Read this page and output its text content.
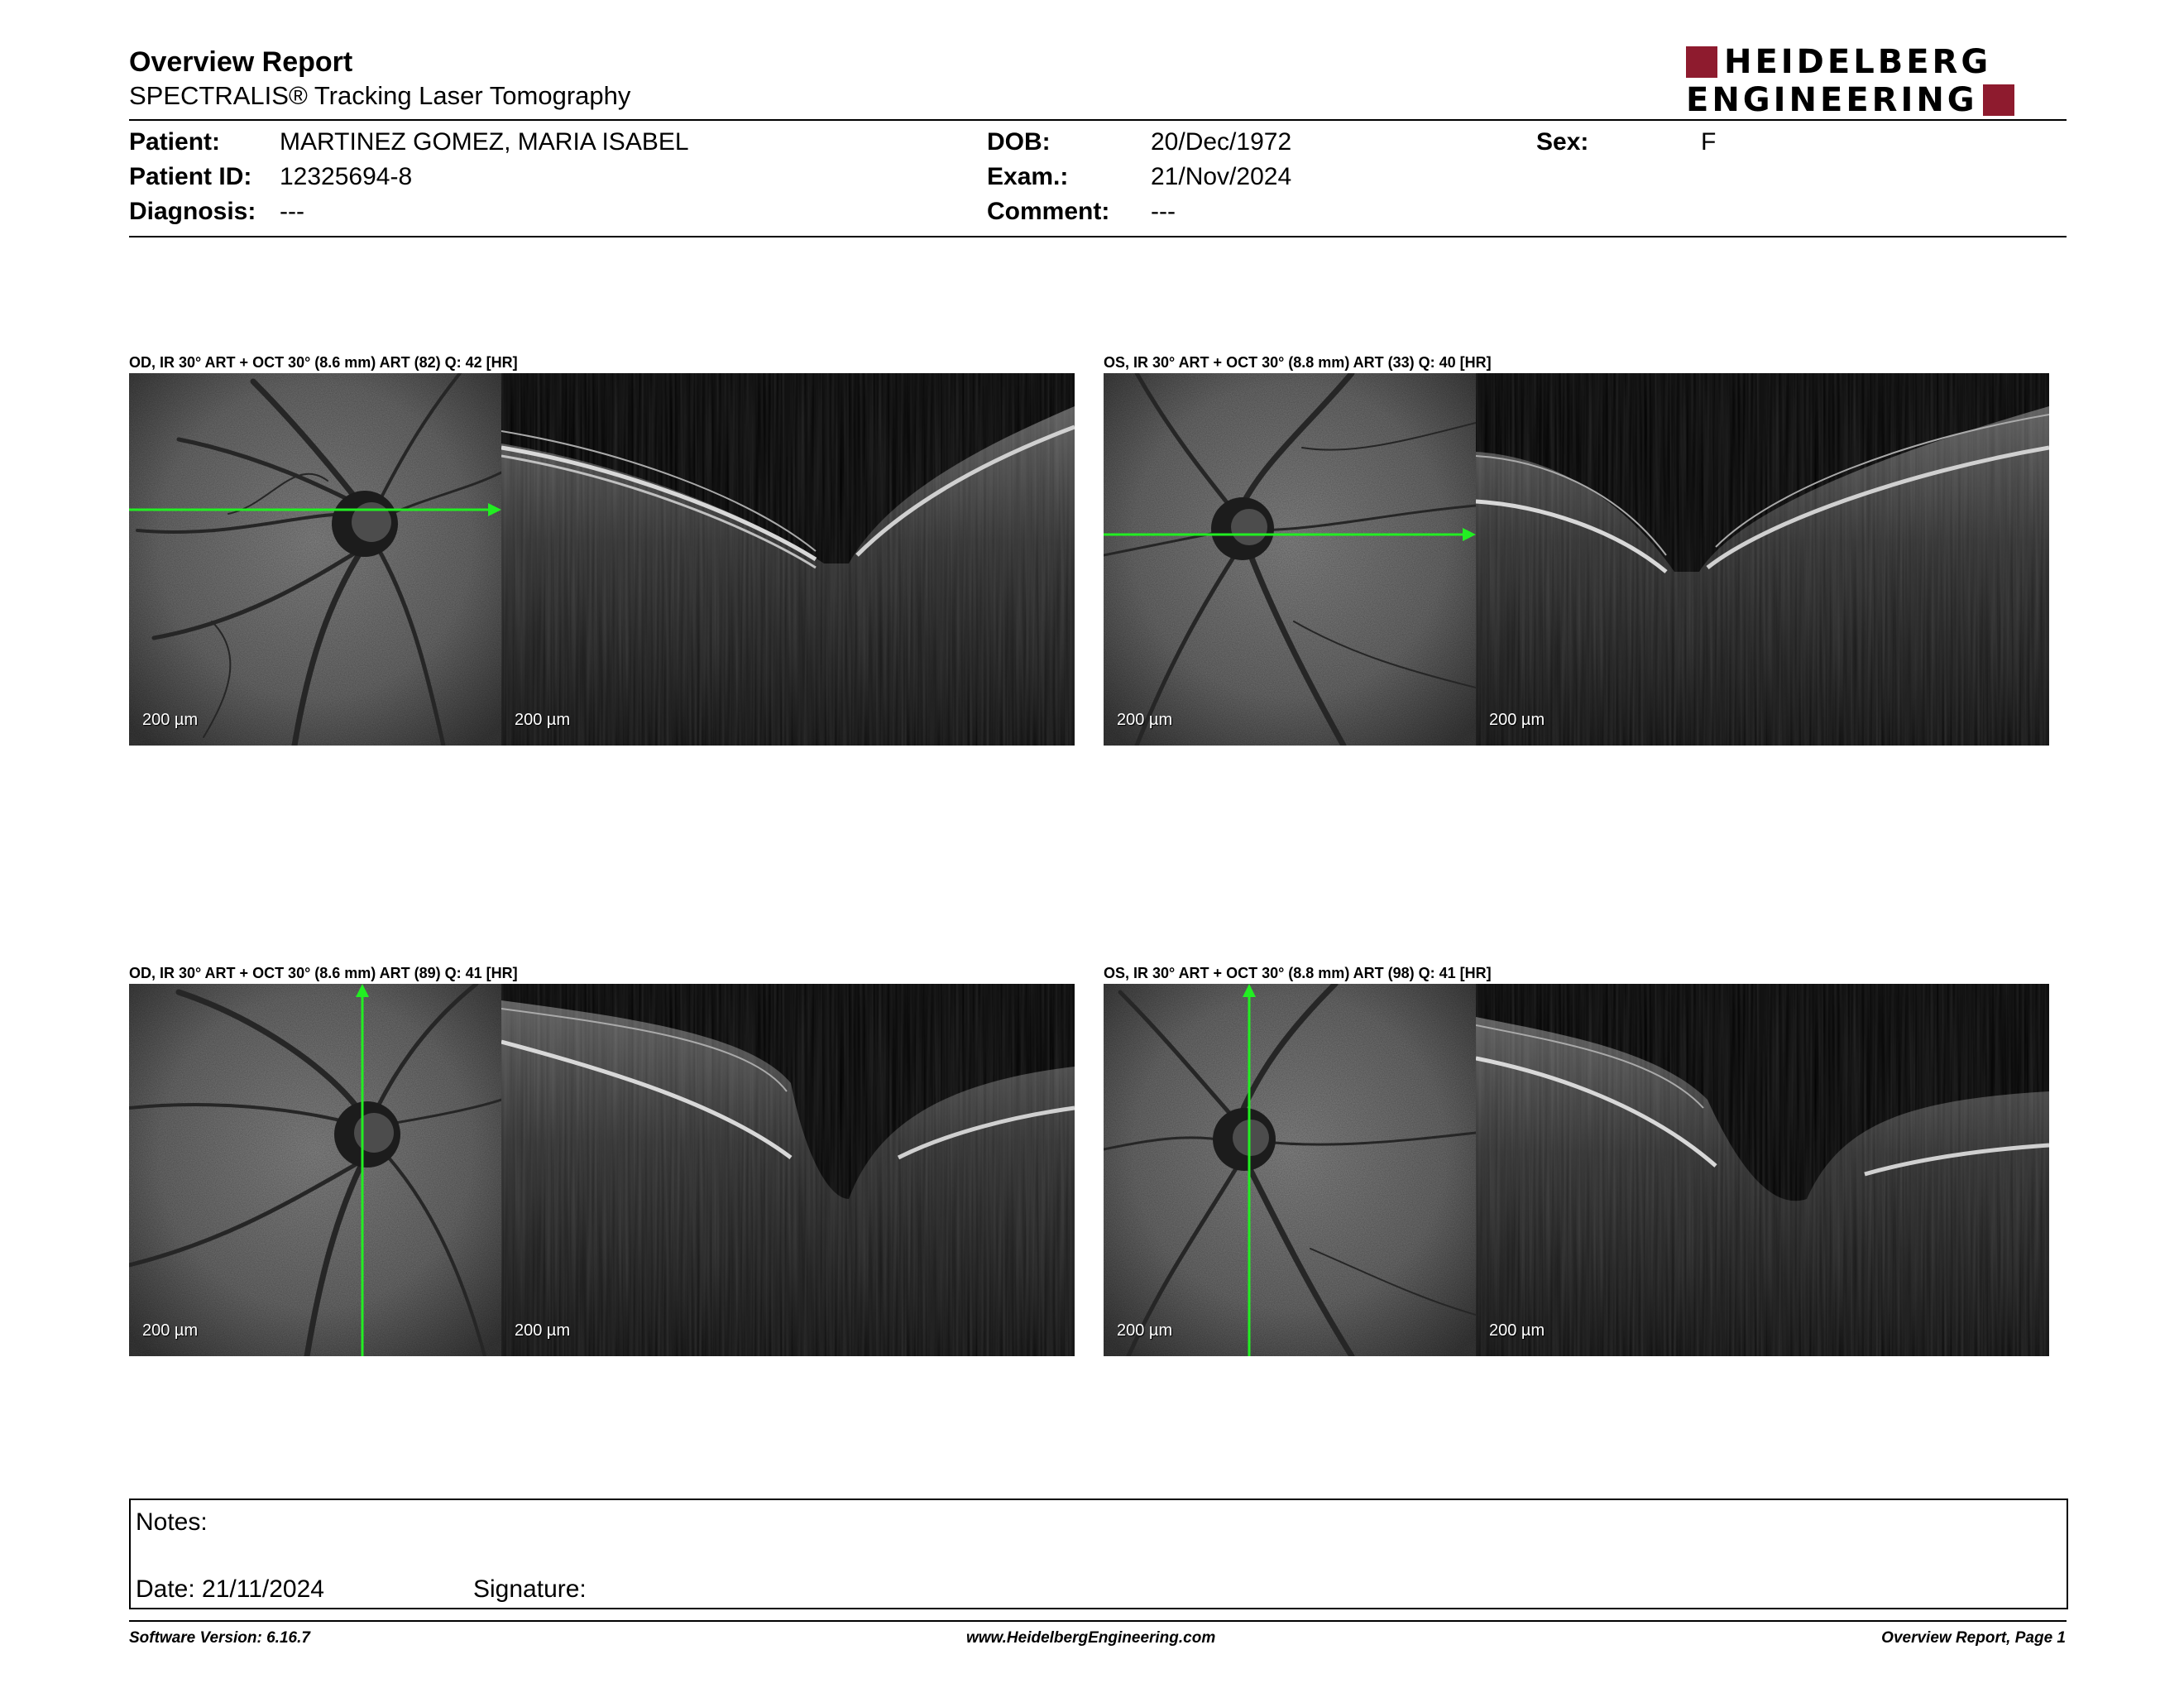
Overview Report
SPECTRALIS® Tracking Laser Tomography
HEIDELBERG
ENGINEERING
Patient: MARTINEZ GOMEZ, MARIA ISABEL
Patient ID: 12325694-8
Diagnosis: ---
DOB:	20/Dec/1972
Exam.:	21/Nov/2024
Comment: ---
Sex:	F
OD, IR 30° ART + OCT 30° (8.6 mm) ART (82) Q: 42 [HR]
200 µm	200 µm
OS, IR 30° ART + OCT 30° (8.8 mm) ART (33) Q: 40 [HR]
200 µm	200 µm
OD, IR 30° ART + OCT 30° (8.6 mm) ART (89) Q: 41 [HR]
200 µm	200 µm
OS, IR 30° ART + OCT 30° (8.8 mm) ART (98) Q: 41 [HR]
200 µm	200 µm
Notes:
Date: 21/11/2024	Signature:
Software Version: 6.16.7	www.HeidelbergEngineering.com	Overview Report, Page 1
